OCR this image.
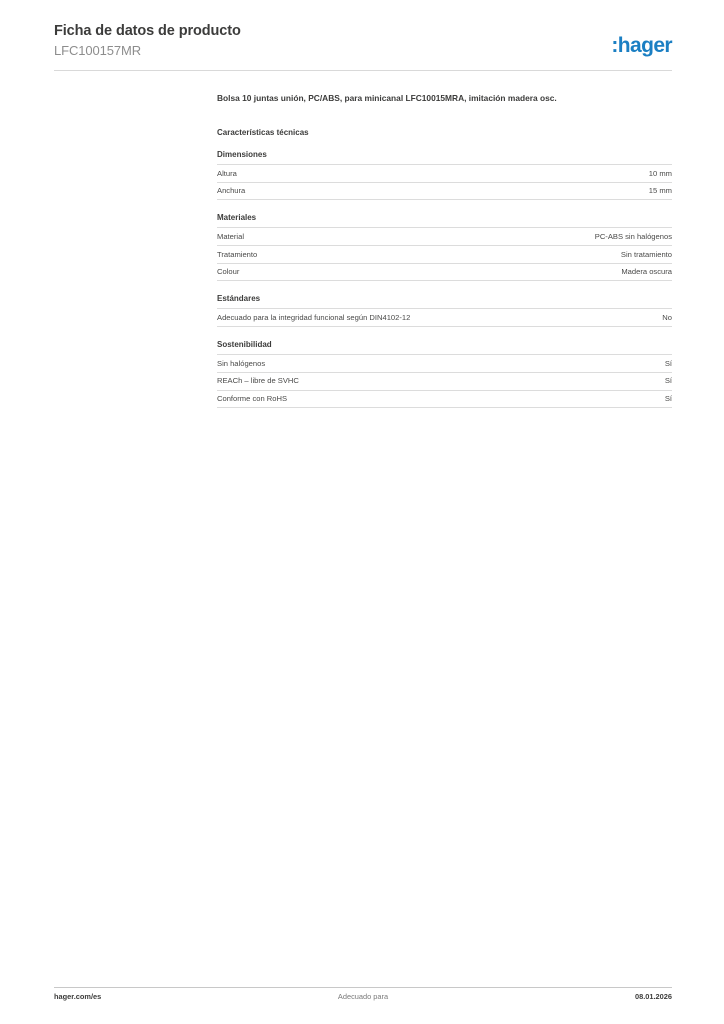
Ficha de datos de producto
LFC100157MR	:hager
Bolsa 10 juntas unión, PC/ABS, para minicanal LFC10015MRA, imitación madera osc.
Características técnicas
Dimensiones
Altura	10 mm
Anchura	15 mm
Materiales
Material	PC-ABS sin halógenos
Tratamiento	Sin tratamiento
Colour	Madera oscura
Estándares
Adecuado para la integridad funcional según DIN4102-12	No
Sostenibilidad
Sin halógenos	Sí
REACh – libre de SVHC	Sí
Conforme con RoHS	Sí
hager.com/es	Adecuado para	08.01.2026
